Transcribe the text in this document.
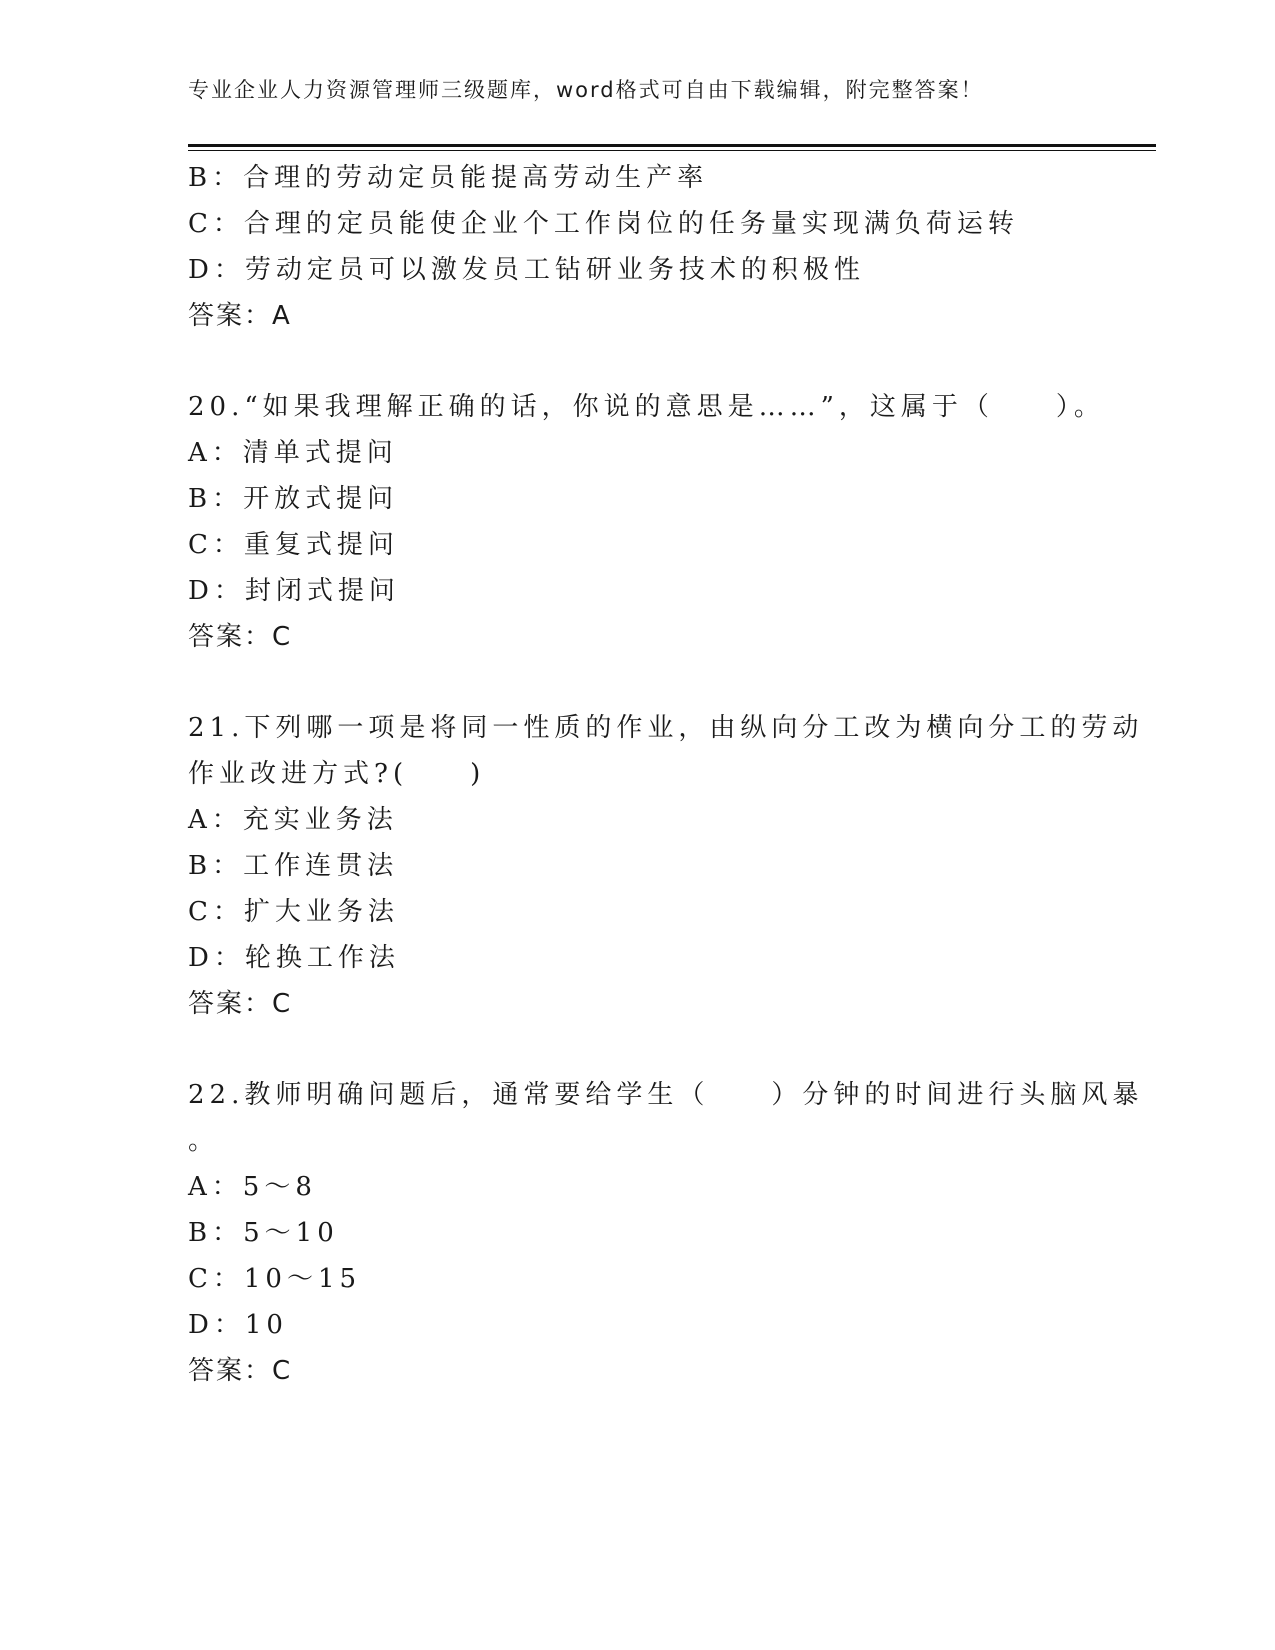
专业企业人力资源管理师三级题库，word格式可自由下载编辑，附完整答案！
B：合理的劳动定员能提高劳动生产率
C：合理的定员能使企业个工作岗位的任务量实现满负荷运转
D：劳动定员可以激发员工钻研业务技术的积极性
答案：A
20.“如果我理解正确的话，你说的意思是……”，这属于（　　）。
A：清单式提问
B：开放式提问
C：重复式提问
D：封闭式提问
答案：C
21.下列哪一项是将同一性质的作业，由纵向分工改为横向分工的劳动
作业改进方式?(　　)
A：充实业务法
B：工作连贯法
C：扩大业务法
D：轮换工作法
答案：C
22.教师明确问题后，通常要给学生（　　）分钟的时间进行头脑风暴
。
A：5～8
B：5～10
C：10～15
D：10
答案：C
